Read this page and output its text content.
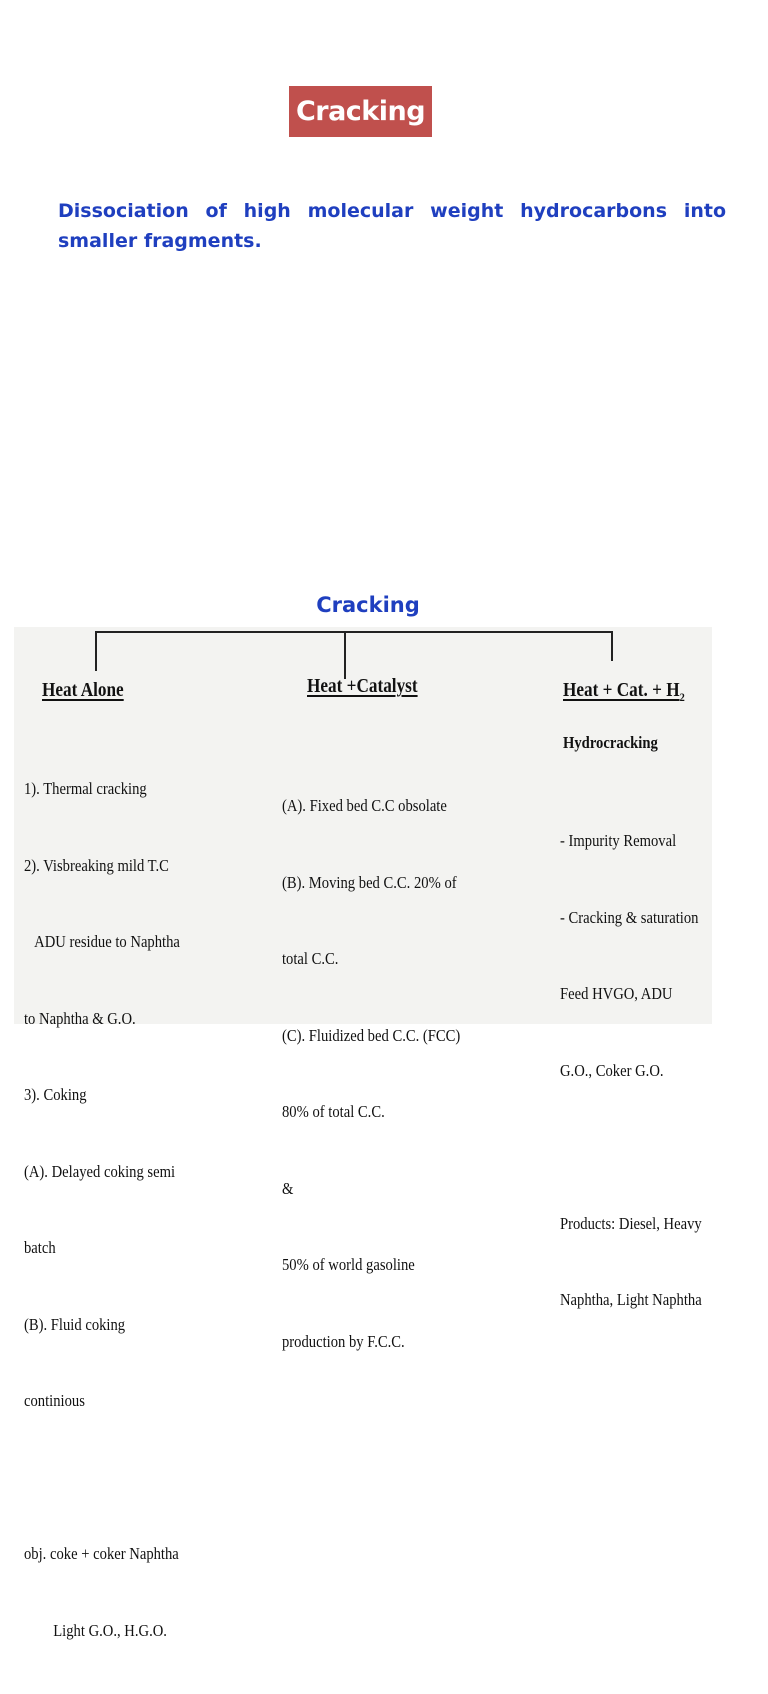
Cracking

Dissociation of high molecular weight hydrocarbons into smaller fragments.

Cracking
Heat Alone

1). Thermal cracking

2). Visbreaking mild T.C

ADU residue to Naphtha

to Naphtha & G.O.

3). Coking

(A). Delayed coking semi

batch

(B). Fluid coking

continious

obj. coke + coker Naphtha

Light G.O., H.G.O.

Heat +Catalyst

(A). Fixed bed C.C obsolate

(B). Moving bed C.C. 20% of

total C.C.

(C). Fluidized bed C.C. (FCC)

80% of total C.C.

&

50% of world gasoline

production by F.C.C.

Heat + Cat. + $H_2$
Hydrocracking

- Impurity Removal

- Cracking & saturation

Feed HVGO, ADU

G.O., Coker G.O.

Products: Diesel, Heavy

Naphtha, Light Naphtha
